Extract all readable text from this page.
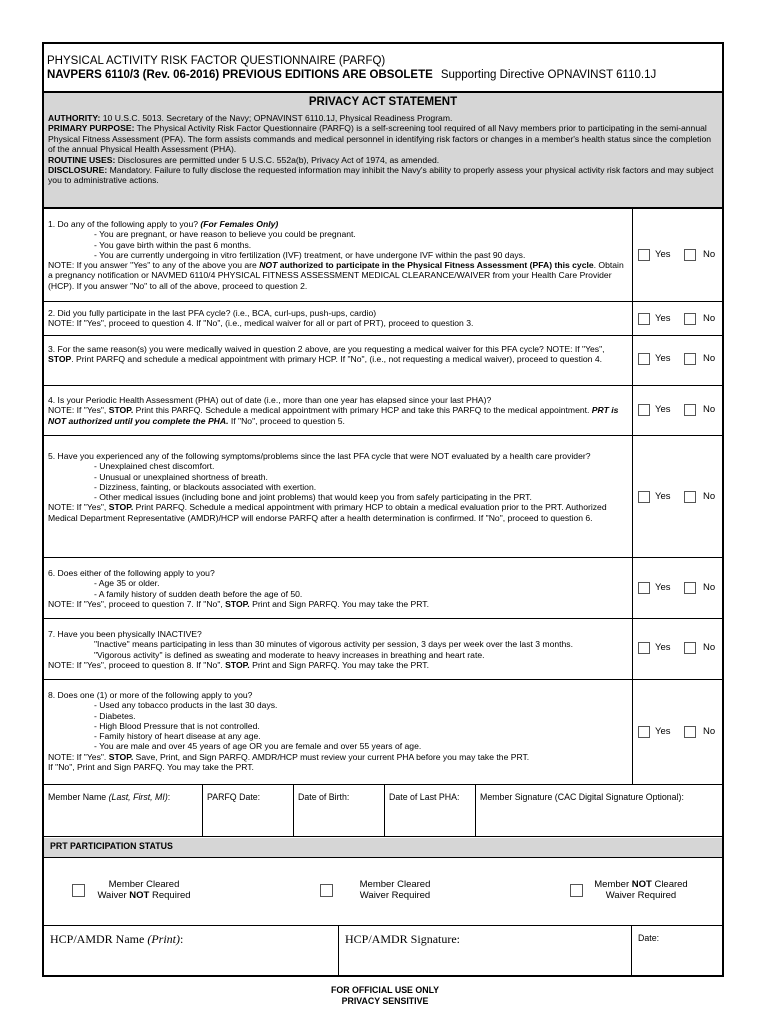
PHYSICAL ACTIVITY RISK FACTOR QUESTIONNAIRE (PARFQ)
NAVPERS 6110/3 (Rev. 06-2016) PREVIOUS EDITIONS ARE OBSOLETE Supporting Directive OPNAVINST 6110.1J
PRIVACY ACT STATEMENT

AUTHORITY: 10 U.S.C. 5013. Secretary of the Navy; OPNAVINST 6110.1J, Physical Readiness Program.

PRIMARY PURPOSE: The Physical Activity Risk Factor Questionnaire (PARFQ) is a self-screening tool required of all Navy members prior to participating in the semi-annual Physical Fitness Assessment (PFA). The form assists commands and medical personnel in identifying risk factors or changes in a member's health status since the completion of the annual Physical Health Assessment (PHA).

ROUTINE USES: Disclosures are permitted under 5 U.S.C. 552a(b), Privacy Act of 1974, as amended.

DISCLOSURE: Mandatory. Failure to fully disclose the requested information may inhibit the Navy's ability to properly assess your physical activity risk factors and may subject you to administrative actions.

1. Do any of the following apply to you? (For Females Only)

- You are pregnant, or have reason to believe you could be pregnant.

- You gave birth within the past 6 months.

- You are currently undergoing in vitro fertilization (IVF) treatment, or have undergone IVF within the past 90 days.

NOTE: If you answer "Yes" to any of the above you are NOT authorized to participate in the Physical Fitness Assessment (PFA) this cycle. Obtain a pregnancy notification or NAVMED 6110/4 PHYSICAL FITNESS ASSESSMENT MEDICAL CLEARANCE/WAIVER from your Health Care Provider (HCP). If you answer "No" to all of the above, proceed to question 2.

Yes	No

2. Did you fully participate in the last PFA cycle? (i.e., BCA, curl-ups, push-ups, cardio)

NOTE: If "Yes", proceed to question 4. If "No", (i.e., medical waiver for all or part of PRT), proceed to question 3.	Yes	No

3. For the same reason(s) you were medically waived in question 2 above, are you requesting a medical waiver for this PFA cycle? NOTE: If "Yes", STOP. Print PARFQ and schedule a medical appointment with primary HCP. If "No", (i.e., not requesting a medical waiver), proceed to question 4.	Yes	No

4. Is your Periodic Health Assessment (PHA) out of date (i.e., more than one year has elapsed since your last PHA)?

NOTE: If "Yes", STOP. Print this PARFQ. Schedule a medical appointment with primary HCP and take this PARFQ to the medical appointment. PRT is NOT authorized until you complete the PHA. If "No", proceed to question 5.

Yes	No

5. Have you experienced any of the following symptoms/problems since the last PFA cycle that were NOT evaluated by a health care provider?

- Unexplained chest discomfort.

- Unusual or unexplained shortness of breath.

- Dizziness, fainting, or blackouts associated with exertion.

- Other medical issues (including bone and joint problems) that would keep you from safely participating in the PRT.

NOTE: If "Yes", STOP. Print PARFQ. Schedule a medical appointment with primary HCP to obtain a medical evaluation prior to the PRT. Authorized Medical Department Representative (AMDR)/HCP will endorse PARFQ after a health determination is confirmed. If "No", proceed to question 6.

Yes	No

6. Does either of the following apply to you?

- Age 35 or older.

- A family history of sudden death before the age of 50.

NOTE: If "Yes", proceed to question 7. If "No", STOP. Print and Sign PARFQ. You may take the PRT.

Yes	No

7. Have you been physically INACTIVE?

"Inactive" means participating in less than 30 minutes of vigorous activity per session, 3 days per week over the last 3 months.

"Vigorous activity" is defined as sweating and moderate to heavy increases in breathing and heart rate.

NOTE: If "Yes", proceed to question 8. If "No". STOP. Print and Sign PARFQ. You may take the PRT.

Yes	No

8. Does one (1) or more of the following apply to you?

- Used any tobacco products in the last 30 days.

- Diabetes.

- High Blood Pressure that is not controlled.

- Family history of heart disease at any age.

- You are male and over 45 years of age OR you are female and over 55 years of age.

NOTE: If "Yes". STOP. Save, Print, and Sign PARFQ. AMDR/HCP must review your current PHA before you may take the PRT.

If "No", Print and Sign PARFQ. You may take the PRT.

Yes	No
Member Name (Last, First, MI):	PARFQ Date:	Date of Birth:	Date of Last PHA:	Member Signature (CAC Digital Signature Optional):
PRT PARTICIPATION STATUS
Member Cleared
Waiver NOT Required
Member Cleared
Waiver Required
Member NOT Cleared
Waiver Required
HCP/AMDR Name (Print):	HCP/AMDR Signature:	Date:
FOR OFFICIAL USE ONLY
PRIVACY SENSITIVE
